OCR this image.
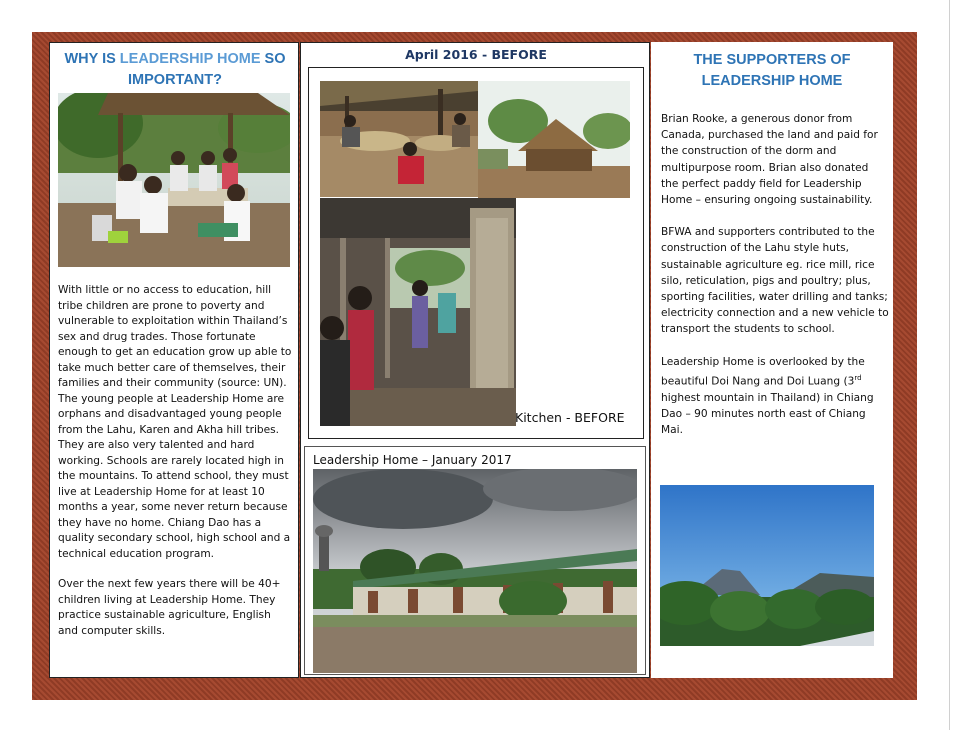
WHY IS LEADERSHIP HOME SO IMPORTANT?
With little or no access to education, hill tribe children are prone to poverty and vulnerable to exploitation within Thailand’s sex and drug trades. Those fortunate enough to get an education grow up able to take much better care of themselves, their families and their community (source: UN).
The young people at Leadership Home are orphans and disadvantaged young people from the Lahu, Karen and Akha hill tribes. They are also very talented and hard working. Schools are rarely located high in the mountains. To attend school, they must live at Leadership Home for at least 10 months a year, some never return because they have no home. Chiang Dao has a quality secondary school, high school and a technical education program.
Over the next few years there will be 40+ children living at Leadership Home. They practice sustainable agriculture, English and computer skills.
April 2016 - BEFORE
Kitchen - BEFORE
Leadership Home – January 2017
THE SUPPORTERS OF
LEADERSHIP HOME
Brian Rooke, a generous donor from Canada, purchased the land and paid for the construction of the dorm and multipurpose room. Brian also donated the perfect paddy field for Leadership Home – ensuring ongoing sustainability.
BFWA and supporters contributed to the construction of the Lahu style huts, sustainable agriculture eg. rice mill, rice silo, reticulation, pigs and poultry; plus, sporting facilities, water drilling and tanks; electricity connection and a new vehicle to transport the students to school.
Leadership Home is overlooked by the beautiful Doi Nang and Doi Luang (3rd highest mountain in Thailand) in Chiang Dao – 90 minutes north east of Chiang Mai.
